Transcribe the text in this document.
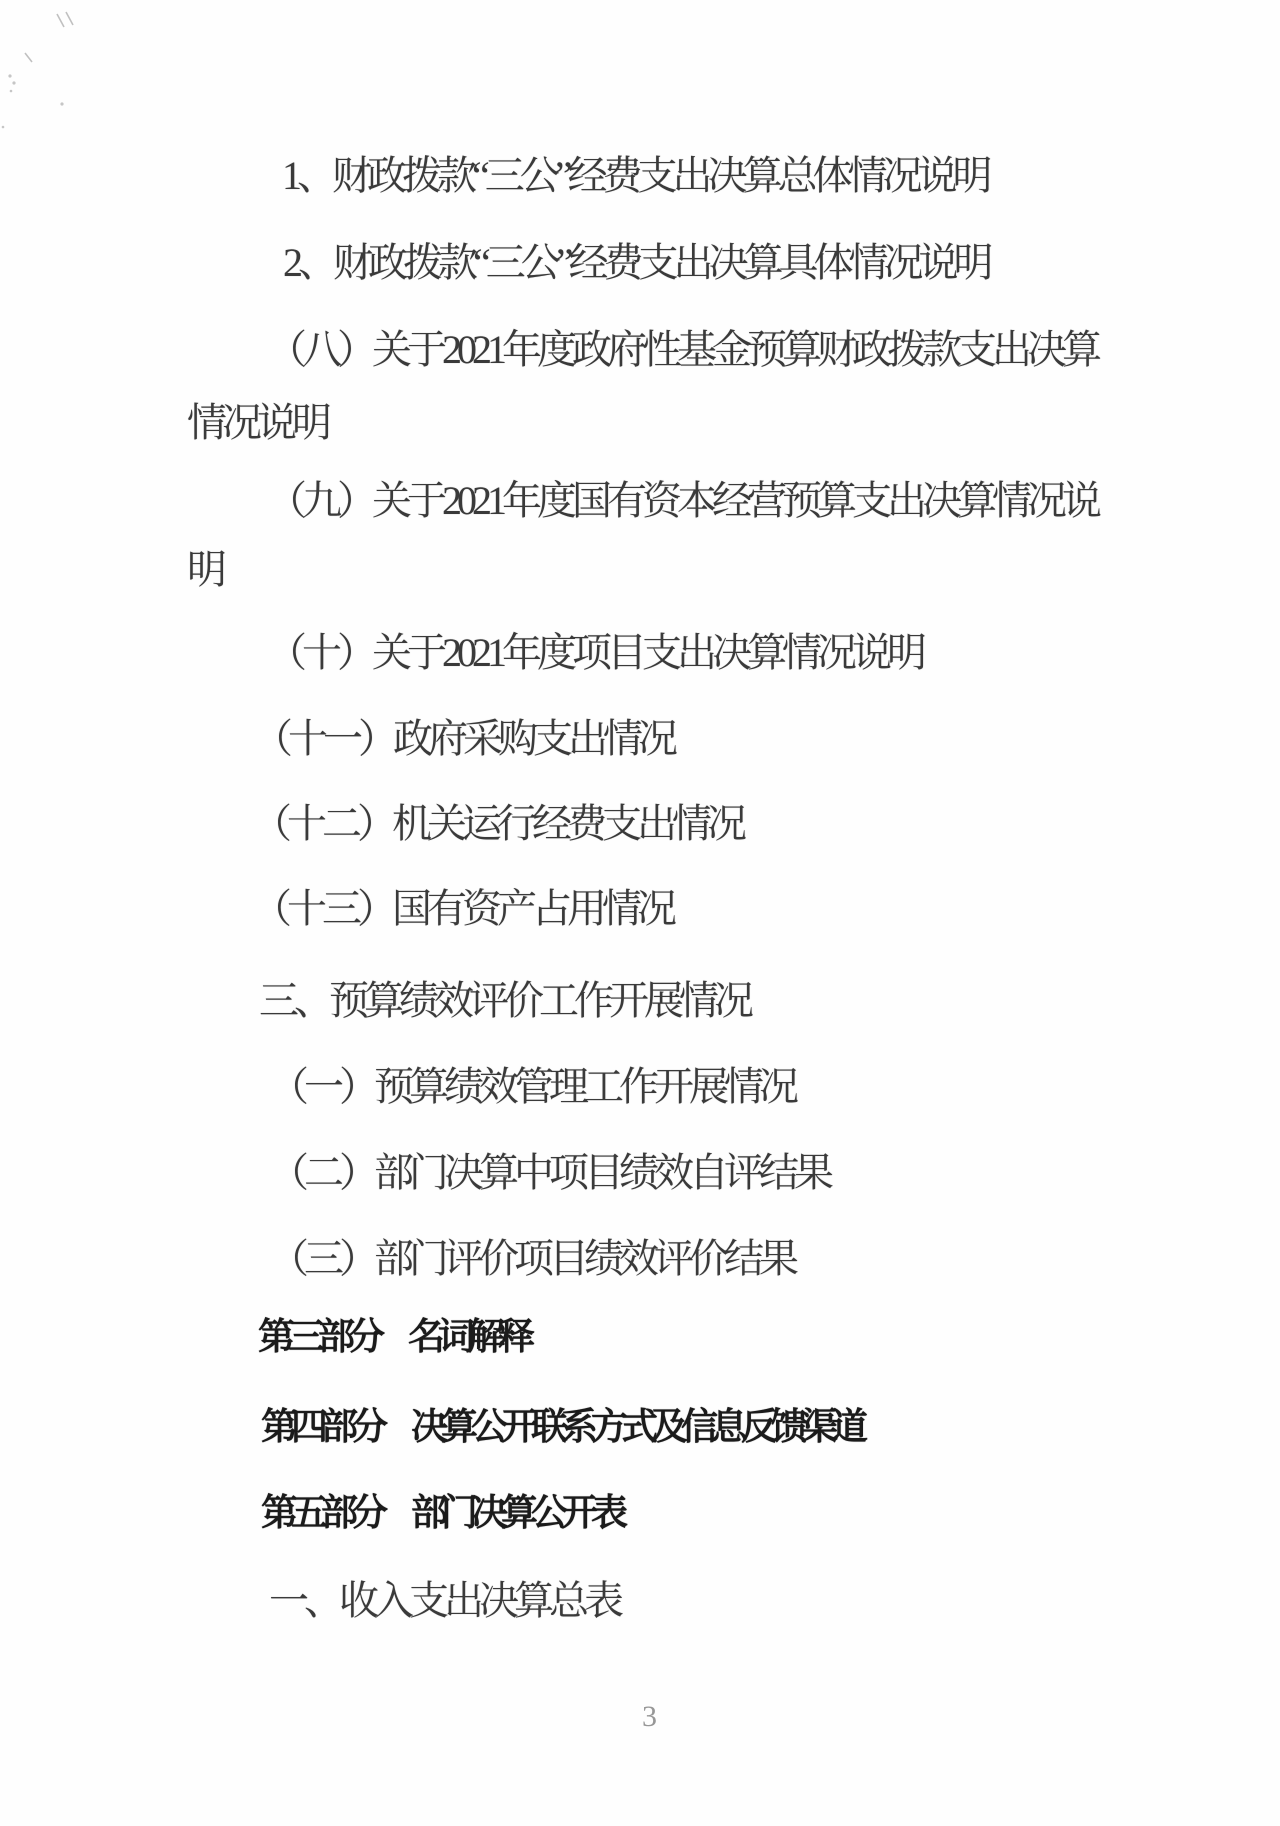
1、财政拨款“三公”经费支出决算总体情况说明
2、财政拨款“三公”经费支出决算具体情况说明
（八）关于2021年度政府性基金预算财政拨款支出决算
情况说明
（九）关于2021年度国有资本经营预算支出决算情况说
明
（十）关于2021年度项目支出决算情况说明
（十一）政府采购支出情况
（十二）机关运行经费支出情况
（十三）国有资产占用情况
三、预算绩效评价工作开展情况
（一）预算绩效管理工作开展情况
（二）部门决算中项目绩效自评结果
（三）部门评价项目绩效评价结果
第三部分　名词解释
第四部分　决算公开联系方式及信息反馈渠道
第五部分　部门决算公开表
一、收入支出决算总表
3
